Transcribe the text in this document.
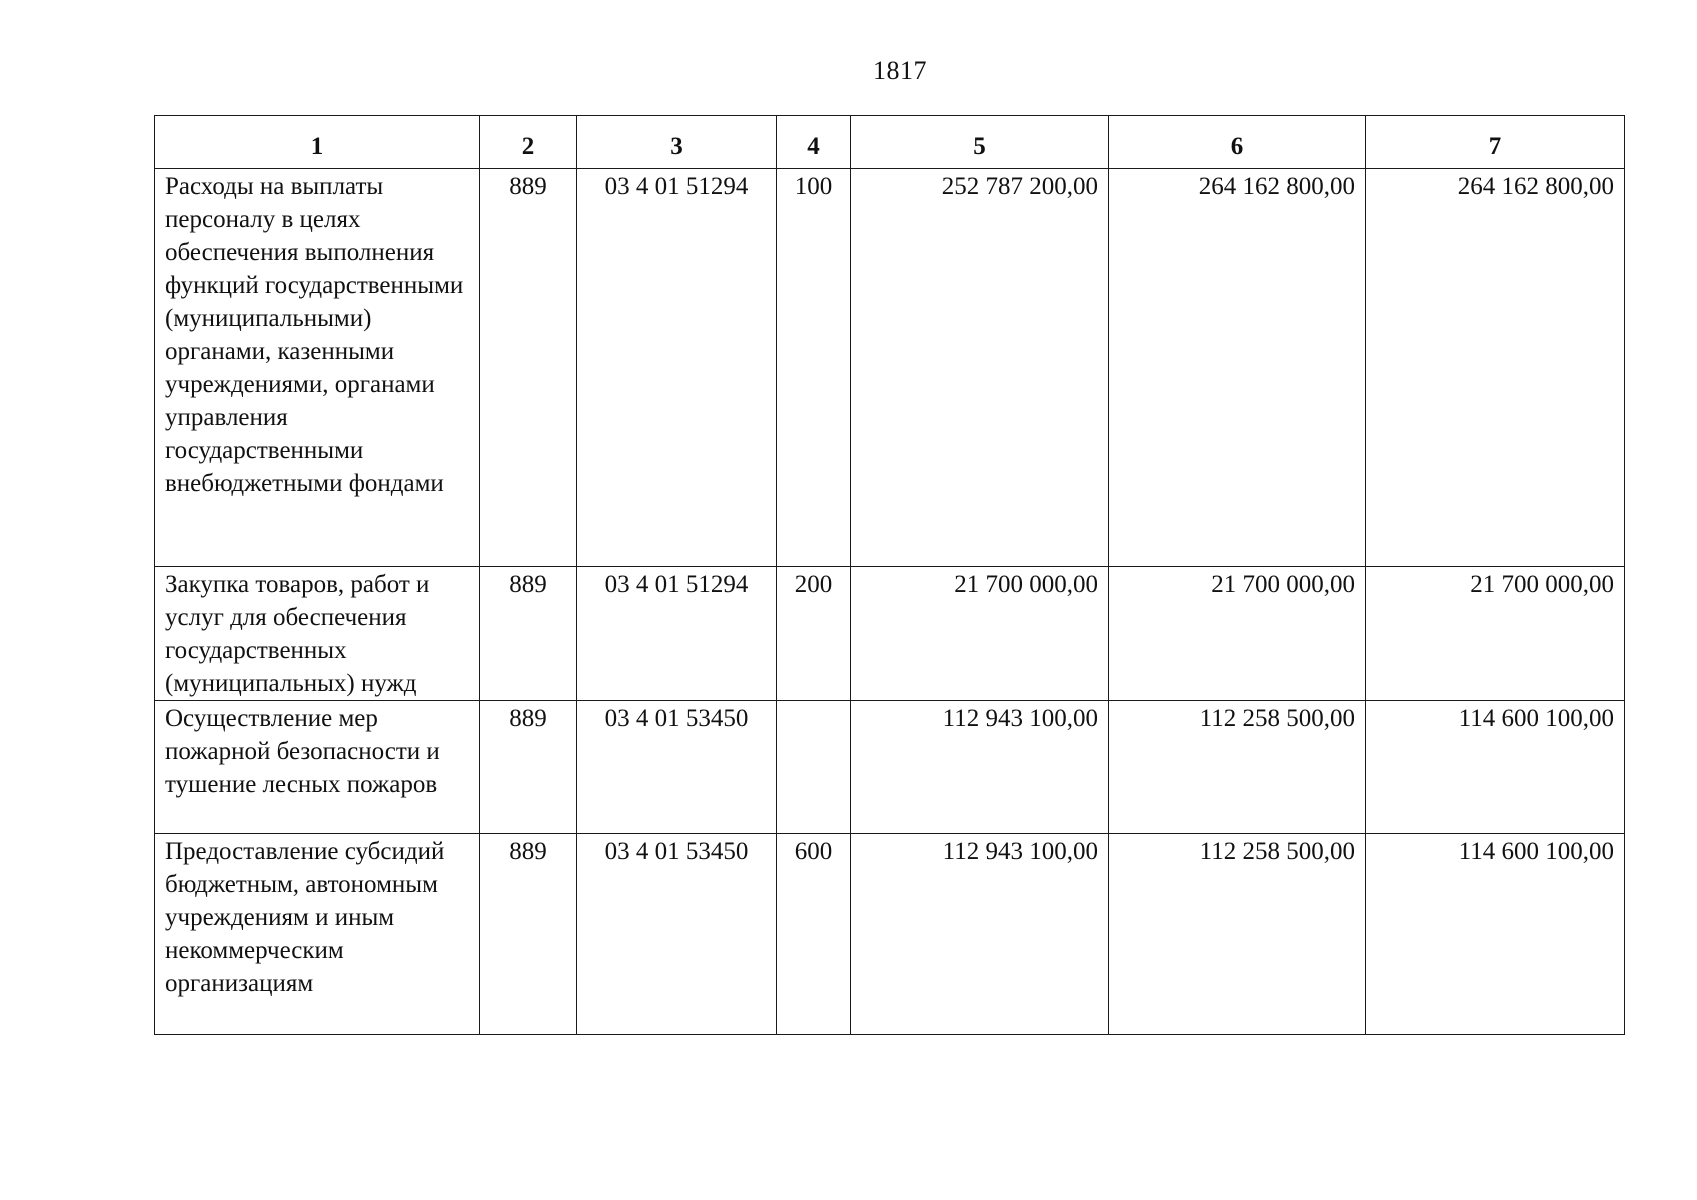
1817
1	2	3	4	5	6	7
Расходы на выплаты персоналу в целях обеспечения выполнения функций государственными (муниципальными) органами, казенными учреждениями, органами управления государственными внебюджетными фондами	889	03 4 01 51294	100	252 787 200,00	264 162 800,00	264 162 800,00
Закупка товаров, работ и услуг для обеспечения государственных (муниципальных) нужд	889	03 4 01 51294	200	21 700 000,00	21 700 000,00	21 700 000,00
Осуществление мер пожарной безопасности и тушение лесных пожаров	889	03 4 01 53450		112 943 100,00	112 258 500,00	114 600 100,00
Предоставление субсидий бюджетным, автономным учреждениям и иным некоммерческим организациям	889	03 4 01 53450	600	112 943 100,00	112 258 500,00	114 600 100,00
